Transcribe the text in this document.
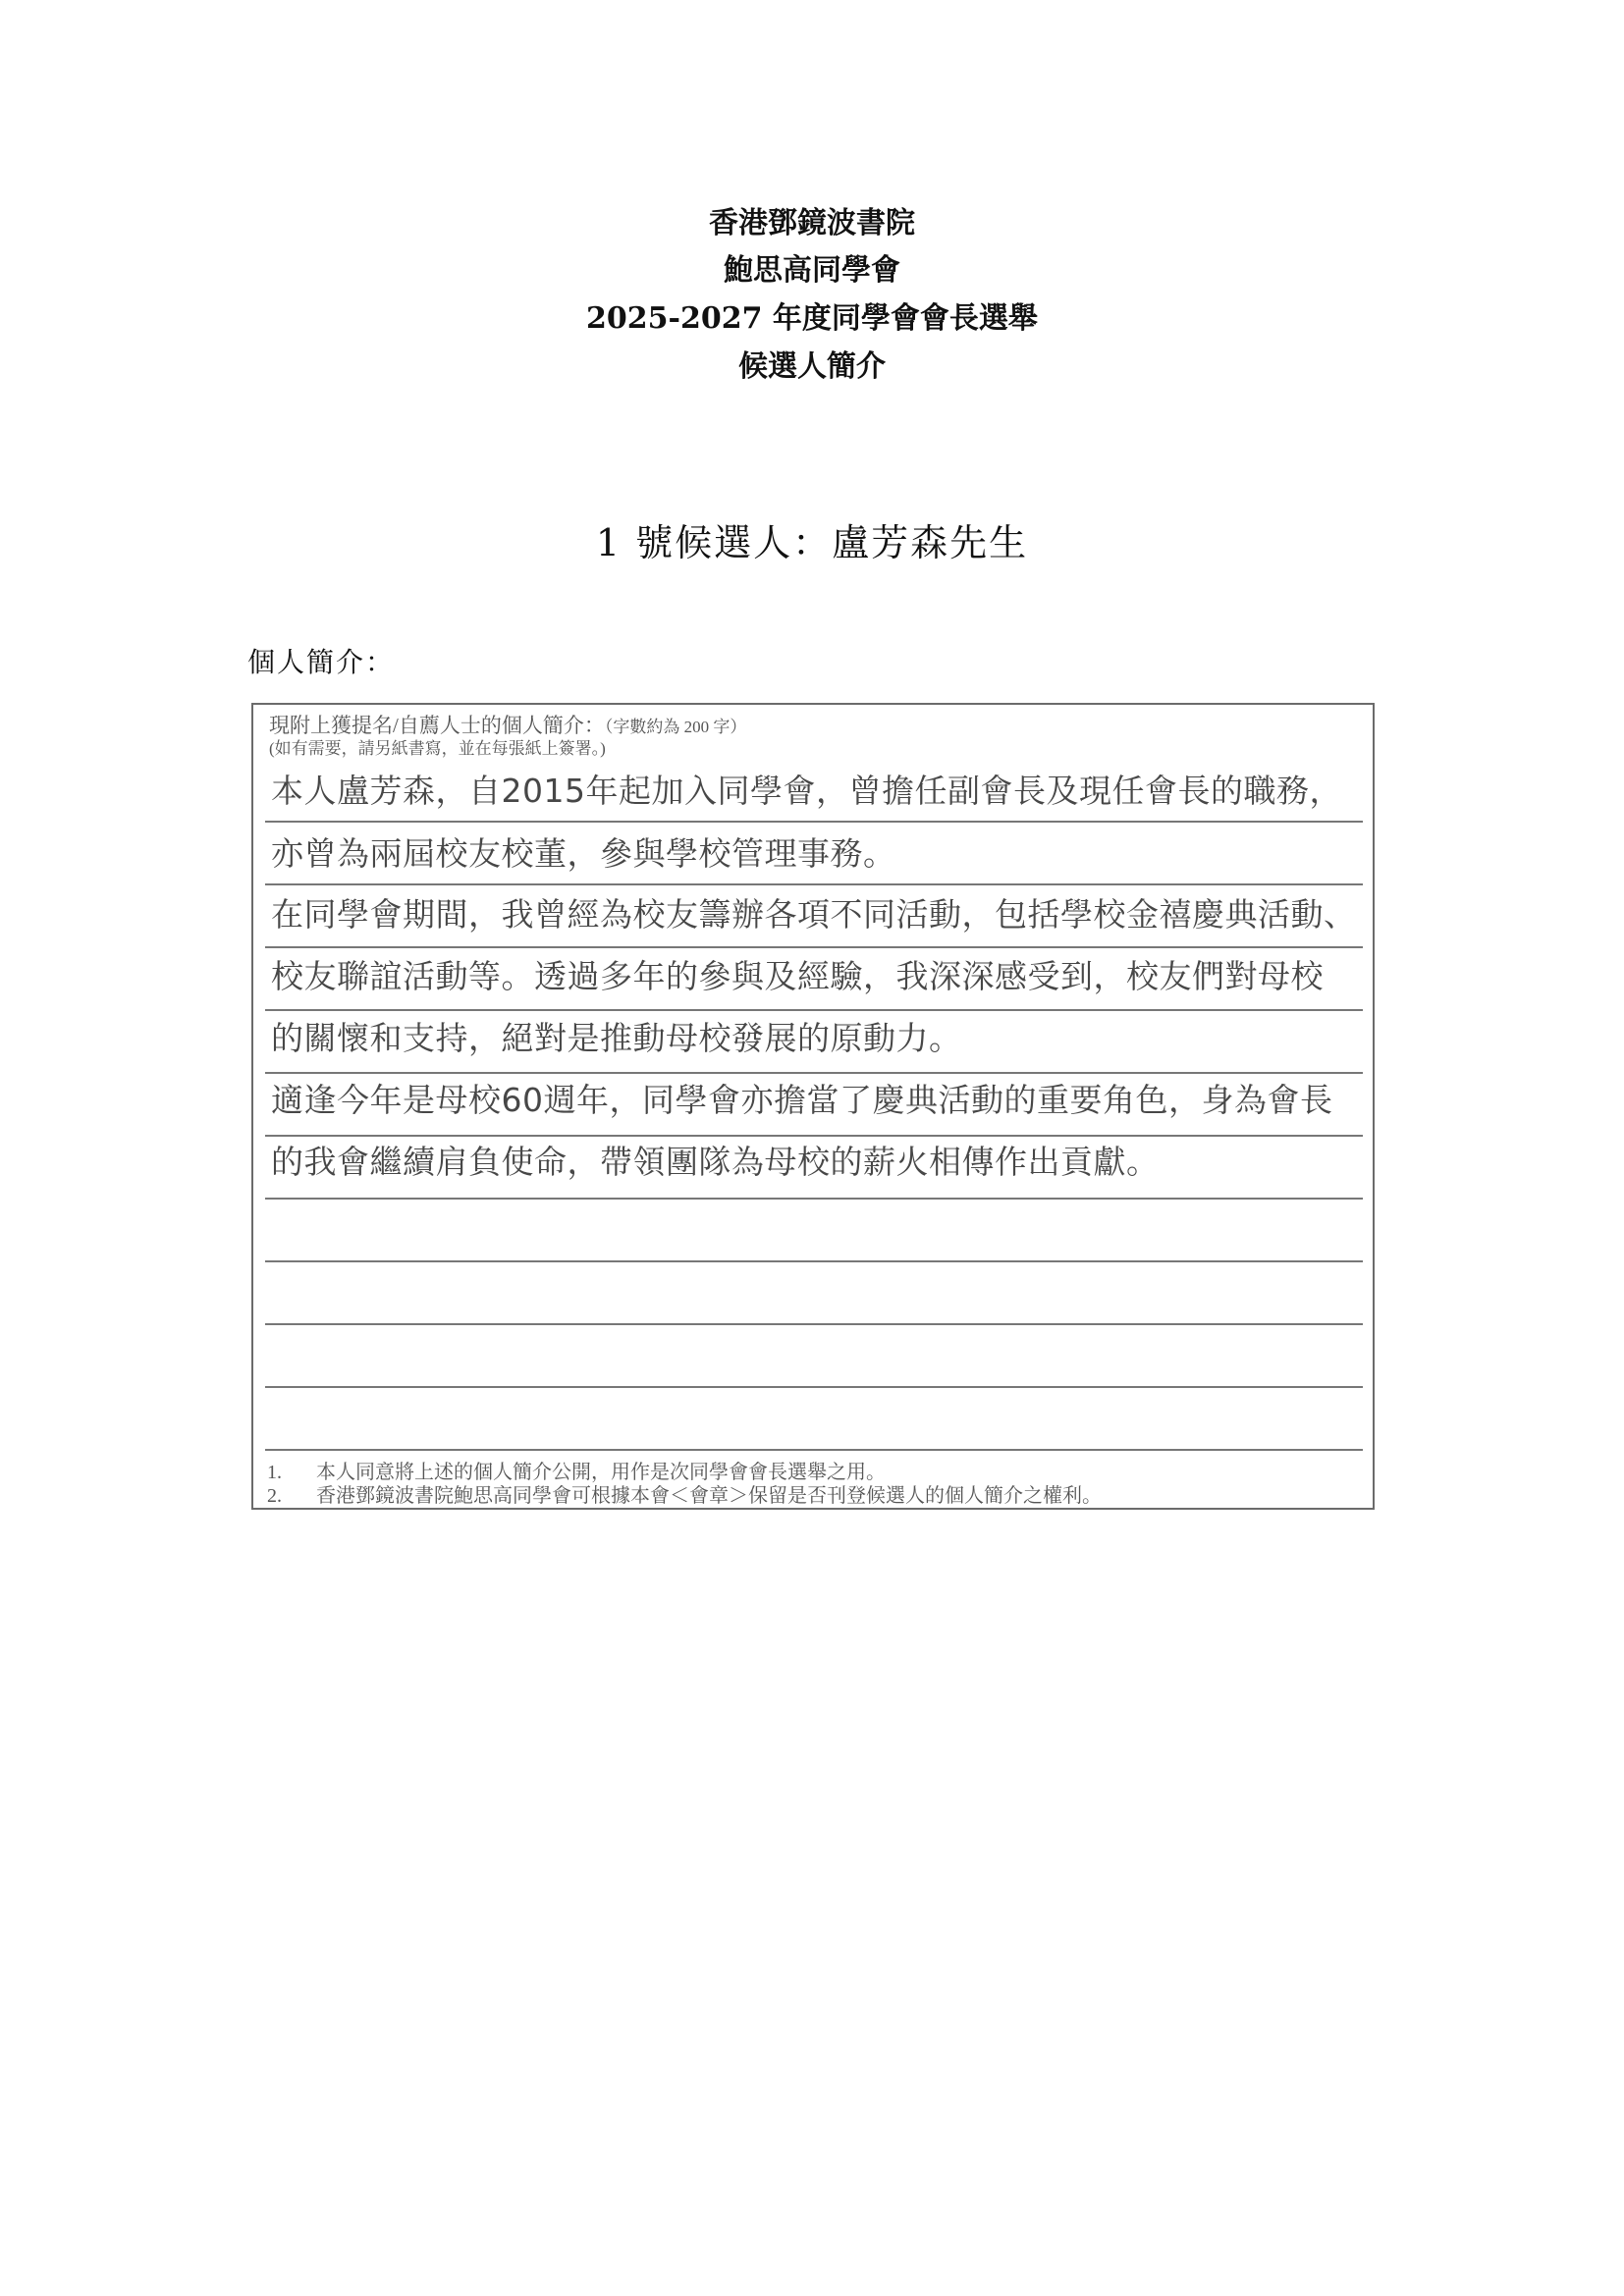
香港鄧鏡波書院
鮑思高同學會
2025-2027 年度同學會會長選舉
候選人簡介
1 號候選人：盧芳森先生
個人簡介：
現附上獲提名/自薦人士的個人簡介：（字數約為 200 字）
(如有需要，請另紙書寫，並在每張紙上簽署。)
本人盧芳森，自2015年起加入同學會，曾擔任副會長及現任會長的職務，
亦曾為兩屆校友校董，參與學校管理事務。
在同學會期間，我曾經為校友籌辦各項不同活動，包括學校金禧慶典活動、
校友聯誼活動等。透過多年的參與及經驗，我深深感受到，校友們對母校
的關懷和支持，絕對是推動母校發展的原動力。
適逢今年是母校60週年，同學會亦擔當了慶典活動的重要角色，身為會長
的我會繼續肩負使命，帶領團隊為母校的薪火相傳作出貢獻。
1. 本人同意將上述的個人簡介公開，用作是次同學會會長選舉之用。
2. 香港鄧鏡波書院鮑思高同學會可根據本會＜會章＞保留是否刊登候選人的個人簡介之權利。
